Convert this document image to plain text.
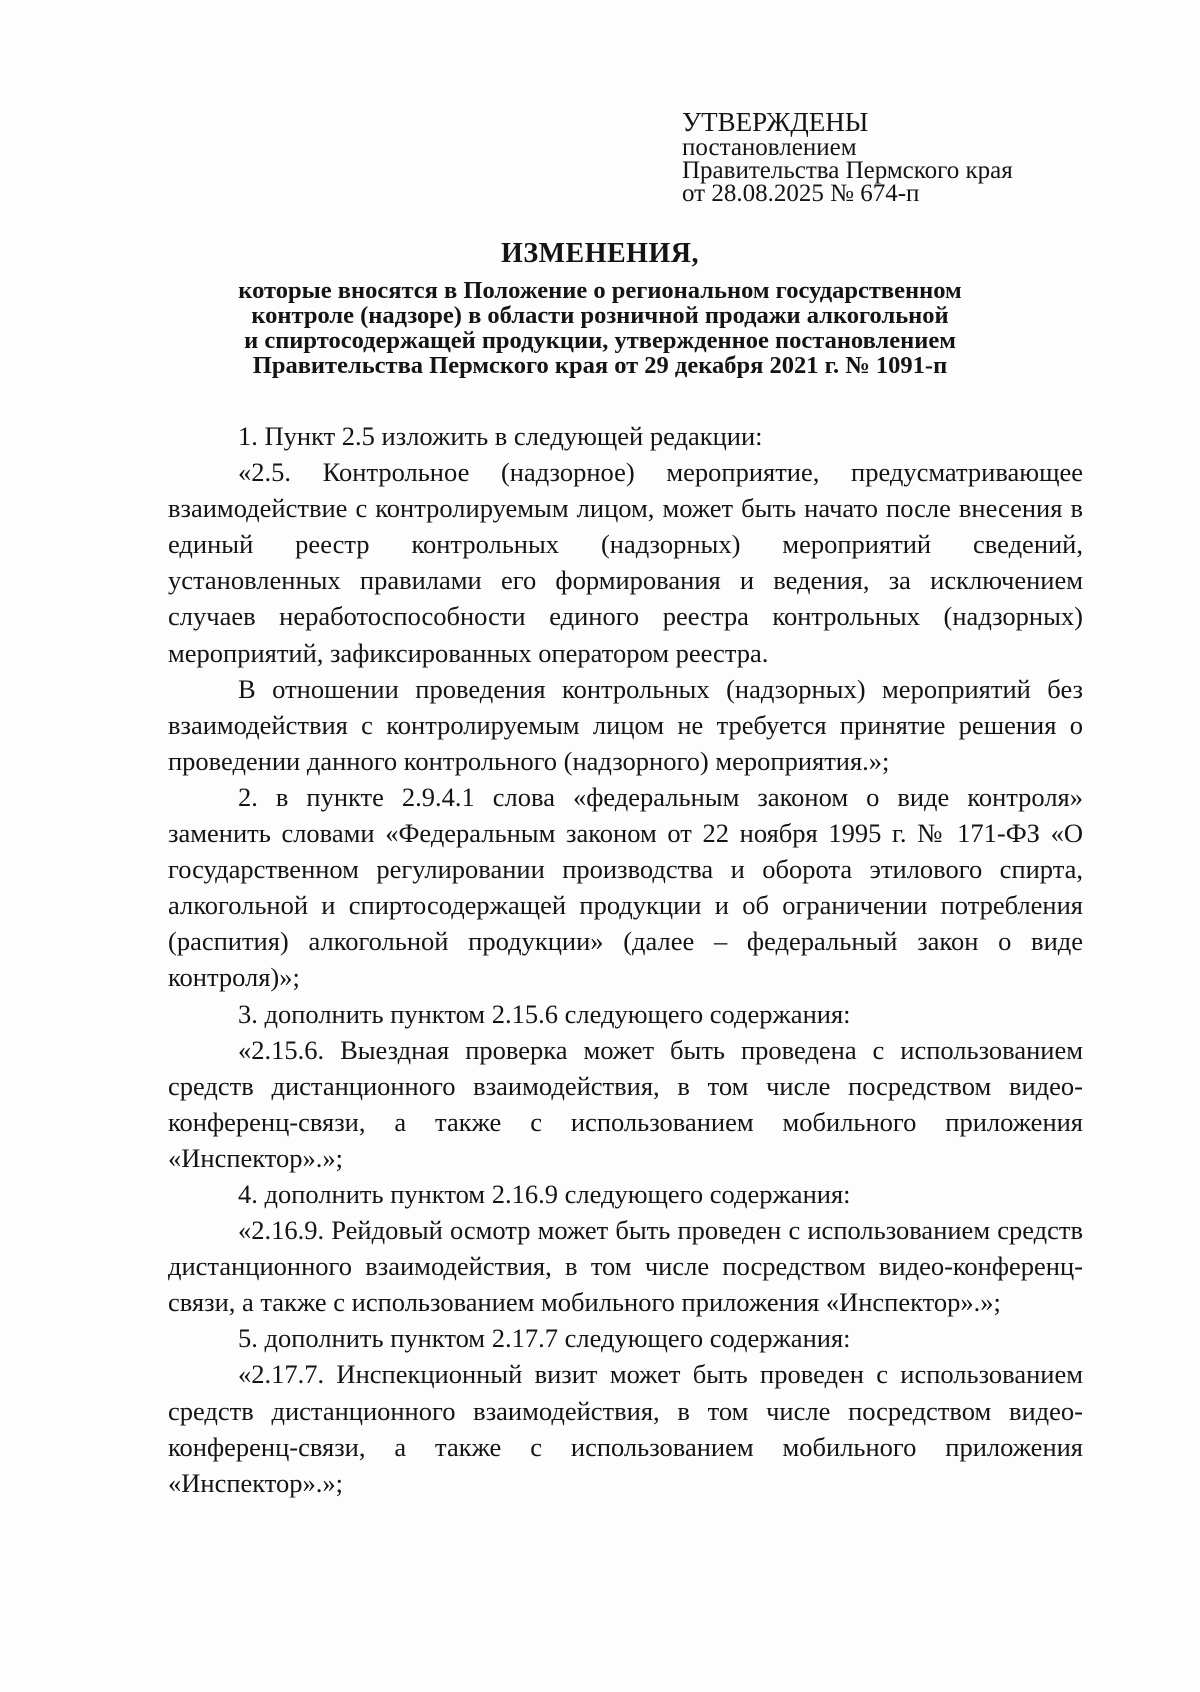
УТВЕРЖДЕНЫ
постановлением
Правительства Пермского края
от 28.08.2025 № 674-п
ИЗМЕНЕНИЯ,
которые вносятся в Положение о региональном государственном
контроле (надзоре) в области розничной продажи алкогольной
и спиртосодержащей продукции, утвержденное постановлением
Правительства Пермского края от 29 декабря 2021 г. № 1091-п

1. Пункт 2.5 изложить в следующей редакции:

«2.5. Контрольное (надзорное) мероприятие, предусматривающее взаимодействие с контролируемым лицом, может быть начато после внесения в единый реестр контрольных (надзорных) мероприятий сведений, установленных правилами его формирования и ведения, за исключением случаев неработоспособности единого реестра контрольных (надзорных) мероприятий, зафиксированных оператором реестра.

В отношении проведения контрольных (надзорных) мероприятий без взаимодействия с контролируемым лицом не требуется принятие решения о проведении данного контрольного (надзорного) мероприятия.»;

2. в пункте 2.9.4.1 слова «федеральным законом о виде контроля» заменить словами «Федеральным законом от 22 ноября 1995 г. № 171-ФЗ «О государственном регулировании производства и оборота этилового спирта, алкогольной и спиртосодержащей продукции и об ограничении потребления (распития) алкогольной продукции» (далее – федеральный закон о виде контроля)»;

3. дополнить пунктом 2.15.6 следующего содержания:

«2.15.6. Выездная проверка может быть проведена с использованием средств дистанционного взаимодействия, в том числе посредством видео-конференц-связи, а также с использованием мобильного приложения «Инспектор».»;

4. дополнить пунктом 2.16.9 следующего содержания:

«2.16.9. Рейдовый осмотр может быть проведен с использованием средств дистанционного взаимодействия, в том числе посредством видео-конференц-связи, а также с использованием мобильного приложения «Инспектор».»;

5. дополнить пунктом 2.17.7 следующего содержания:

«2.17.7. Инспекционный визит может быть проведен с использованием средств дистанционного взаимодействия, в том числе посредством видео-конференц-связи, а также с использованием мобильного приложения «Инспектор».»;
